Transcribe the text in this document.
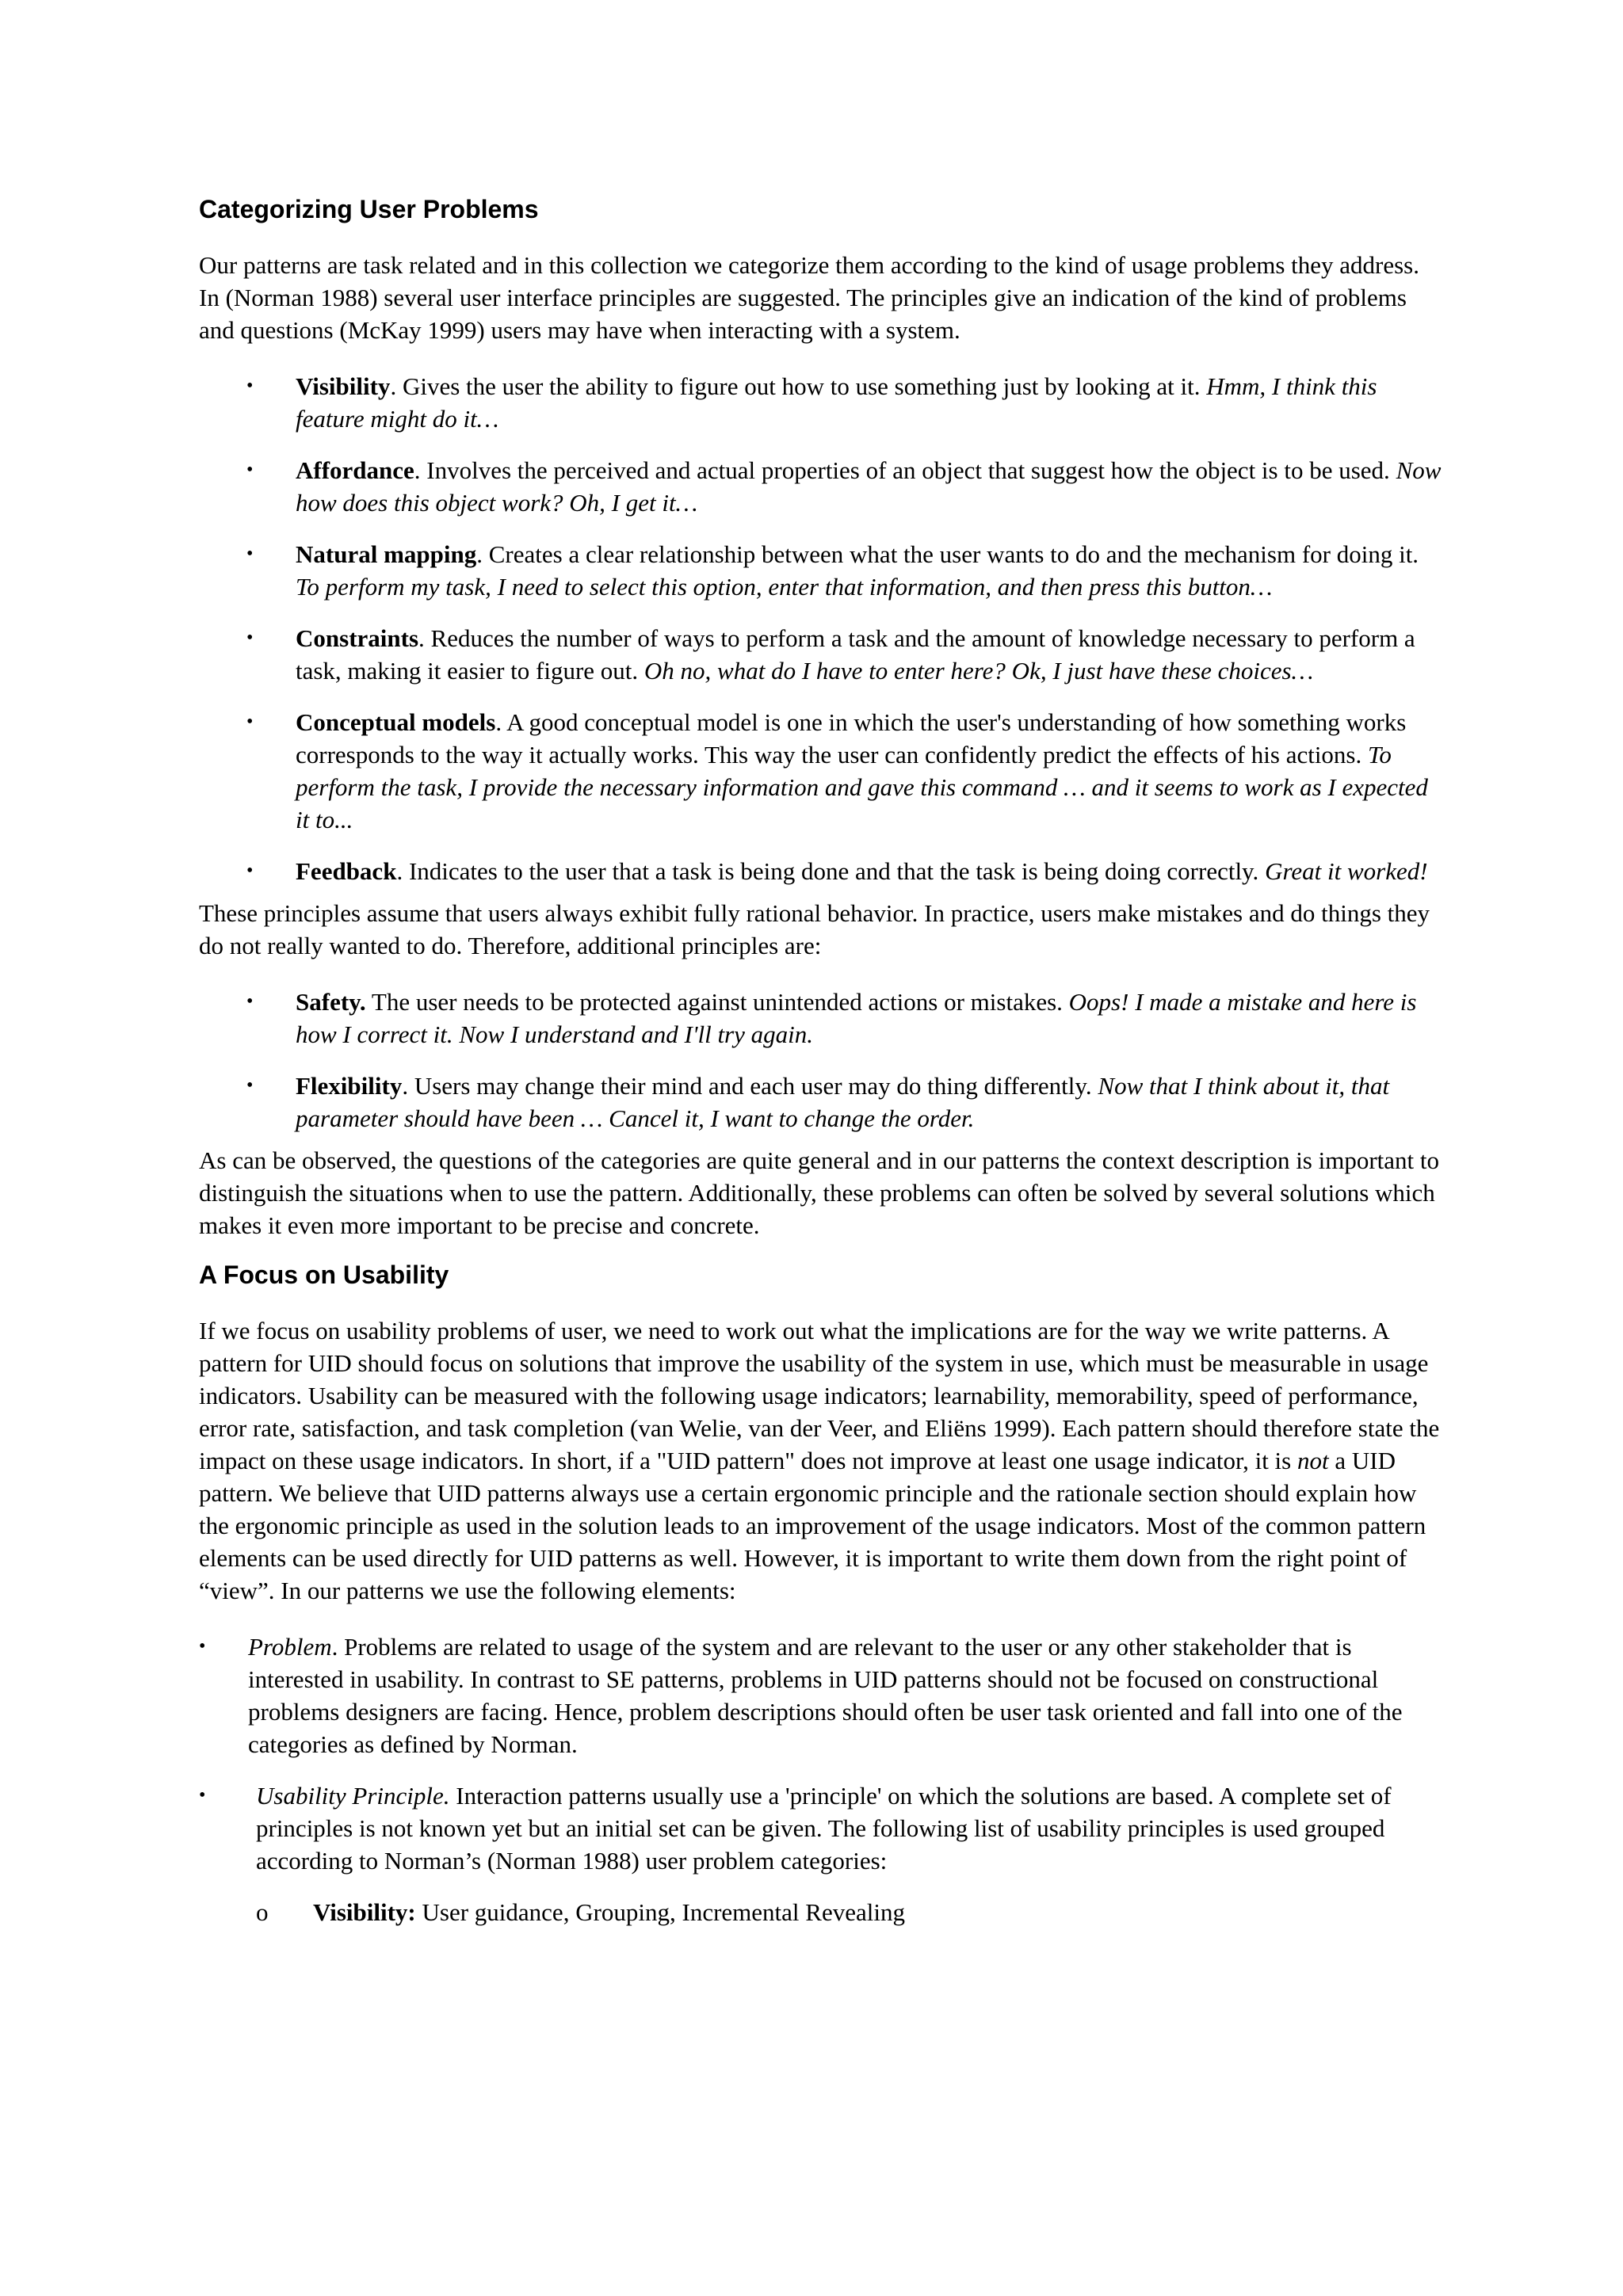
Categorizing User Problems

Our patterns are task related and in this collection we categorize them according to the kind of usage problems they address. In (Norman 1988) several user interface principles are suggested. The principles give an indication of the kind of problems and questions (McKay 1999) users may have when interacting with a system.

• Visibility. Gives the user the ability to figure out how to use something just by looking at it. Hmm, I think this feature might do it…
• Affordance. Involves the perceived and actual properties of an object that suggest how the object is to be used. Now how does this object work? Oh, I get it…
• Natural mapping. Creates a clear relationship between what the user wants to do and the mechanism for doing it. To perform my task, I need to select this option, enter that information, and then press this button…
• Constraints. Reduces the number of ways to perform a task and the amount of knowledge necessary to perform a task, making it easier to figure out. Oh no, what do I have to enter here? Ok, I just have these choices…
• Conceptual models. A good conceptual model is one in which the user's understanding of how something works corresponds to the way it actually works. This way the user can confidently predict the effects of his actions. To perform the task, I provide the necessary information and gave this command … and it seems to work as I expected it to...
• Feedback. Indicates to the user that a task is being done and that the task is being doing correctly. Great it worked!

These principles assume that users always exhibit fully rational behavior. In practice, users make mistakes and do things they do not really wanted to do. Therefore, additional principles are:

• Safety. The user needs to be protected against unintended actions or mistakes. Oops! I made a mistake and here is how I correct it. Now I understand and I'll try again.
• Flexibility. Users may change their mind and each user may do thing differently. Now that I think about it, that parameter should have been … Cancel it, I want to change the order.

As can be observed, the questions of the categories are quite general and in our patterns the context description is important to distinguish the situations when to use the pattern. Additionally, these problems can often be solved by several solutions which makes it even more important to be precise and concrete.

A Focus on Usability

If we focus on usability problems of user, we need to work out what the implications are for the way we write patterns. A pattern for UID should focus on solutions that improve the usability of the system in use, which must be measurable in usage indicators. Usability can be measured with the following usage indicators; learnability, memorability, speed of performance, error rate, satisfaction, and task completion (van Welie, van der Veer, and Eliëns 1999). Each pattern should therefore state the impact on these usage indicators. In short, if a "UID pattern" does not improve at least one usage indicator, it is not a UID pattern. We believe that UID patterns always use a certain ergonomic principle and the rationale section should explain how the ergonomic principle as used in the solution leads to an improvement of the usage indicators. Most of the common pattern elements can be used directly for UID patterns as well. However, it is important to write them down from the right point of “view”. In our patterns we use the following elements:

• Problem. Problems are related to usage of the system and are relevant to the user or any other stakeholder that is interested in usability. In contrast to SE patterns, problems in UID patterns should not be focused on constructional problems designers are facing. Hence, problem descriptions should often be user task oriented and fall into one of the categories as defined by Norman.
• Usability Principle. Interaction patterns usually use a 'principle' on which the solutions are based. A complete set of principles is not known yet but an initial set can be given. The following list of usability principles is used grouped according to Norman’s (Norman 1988) user problem categories:
o Visibility: User guidance, Grouping, Incremental Revealing
